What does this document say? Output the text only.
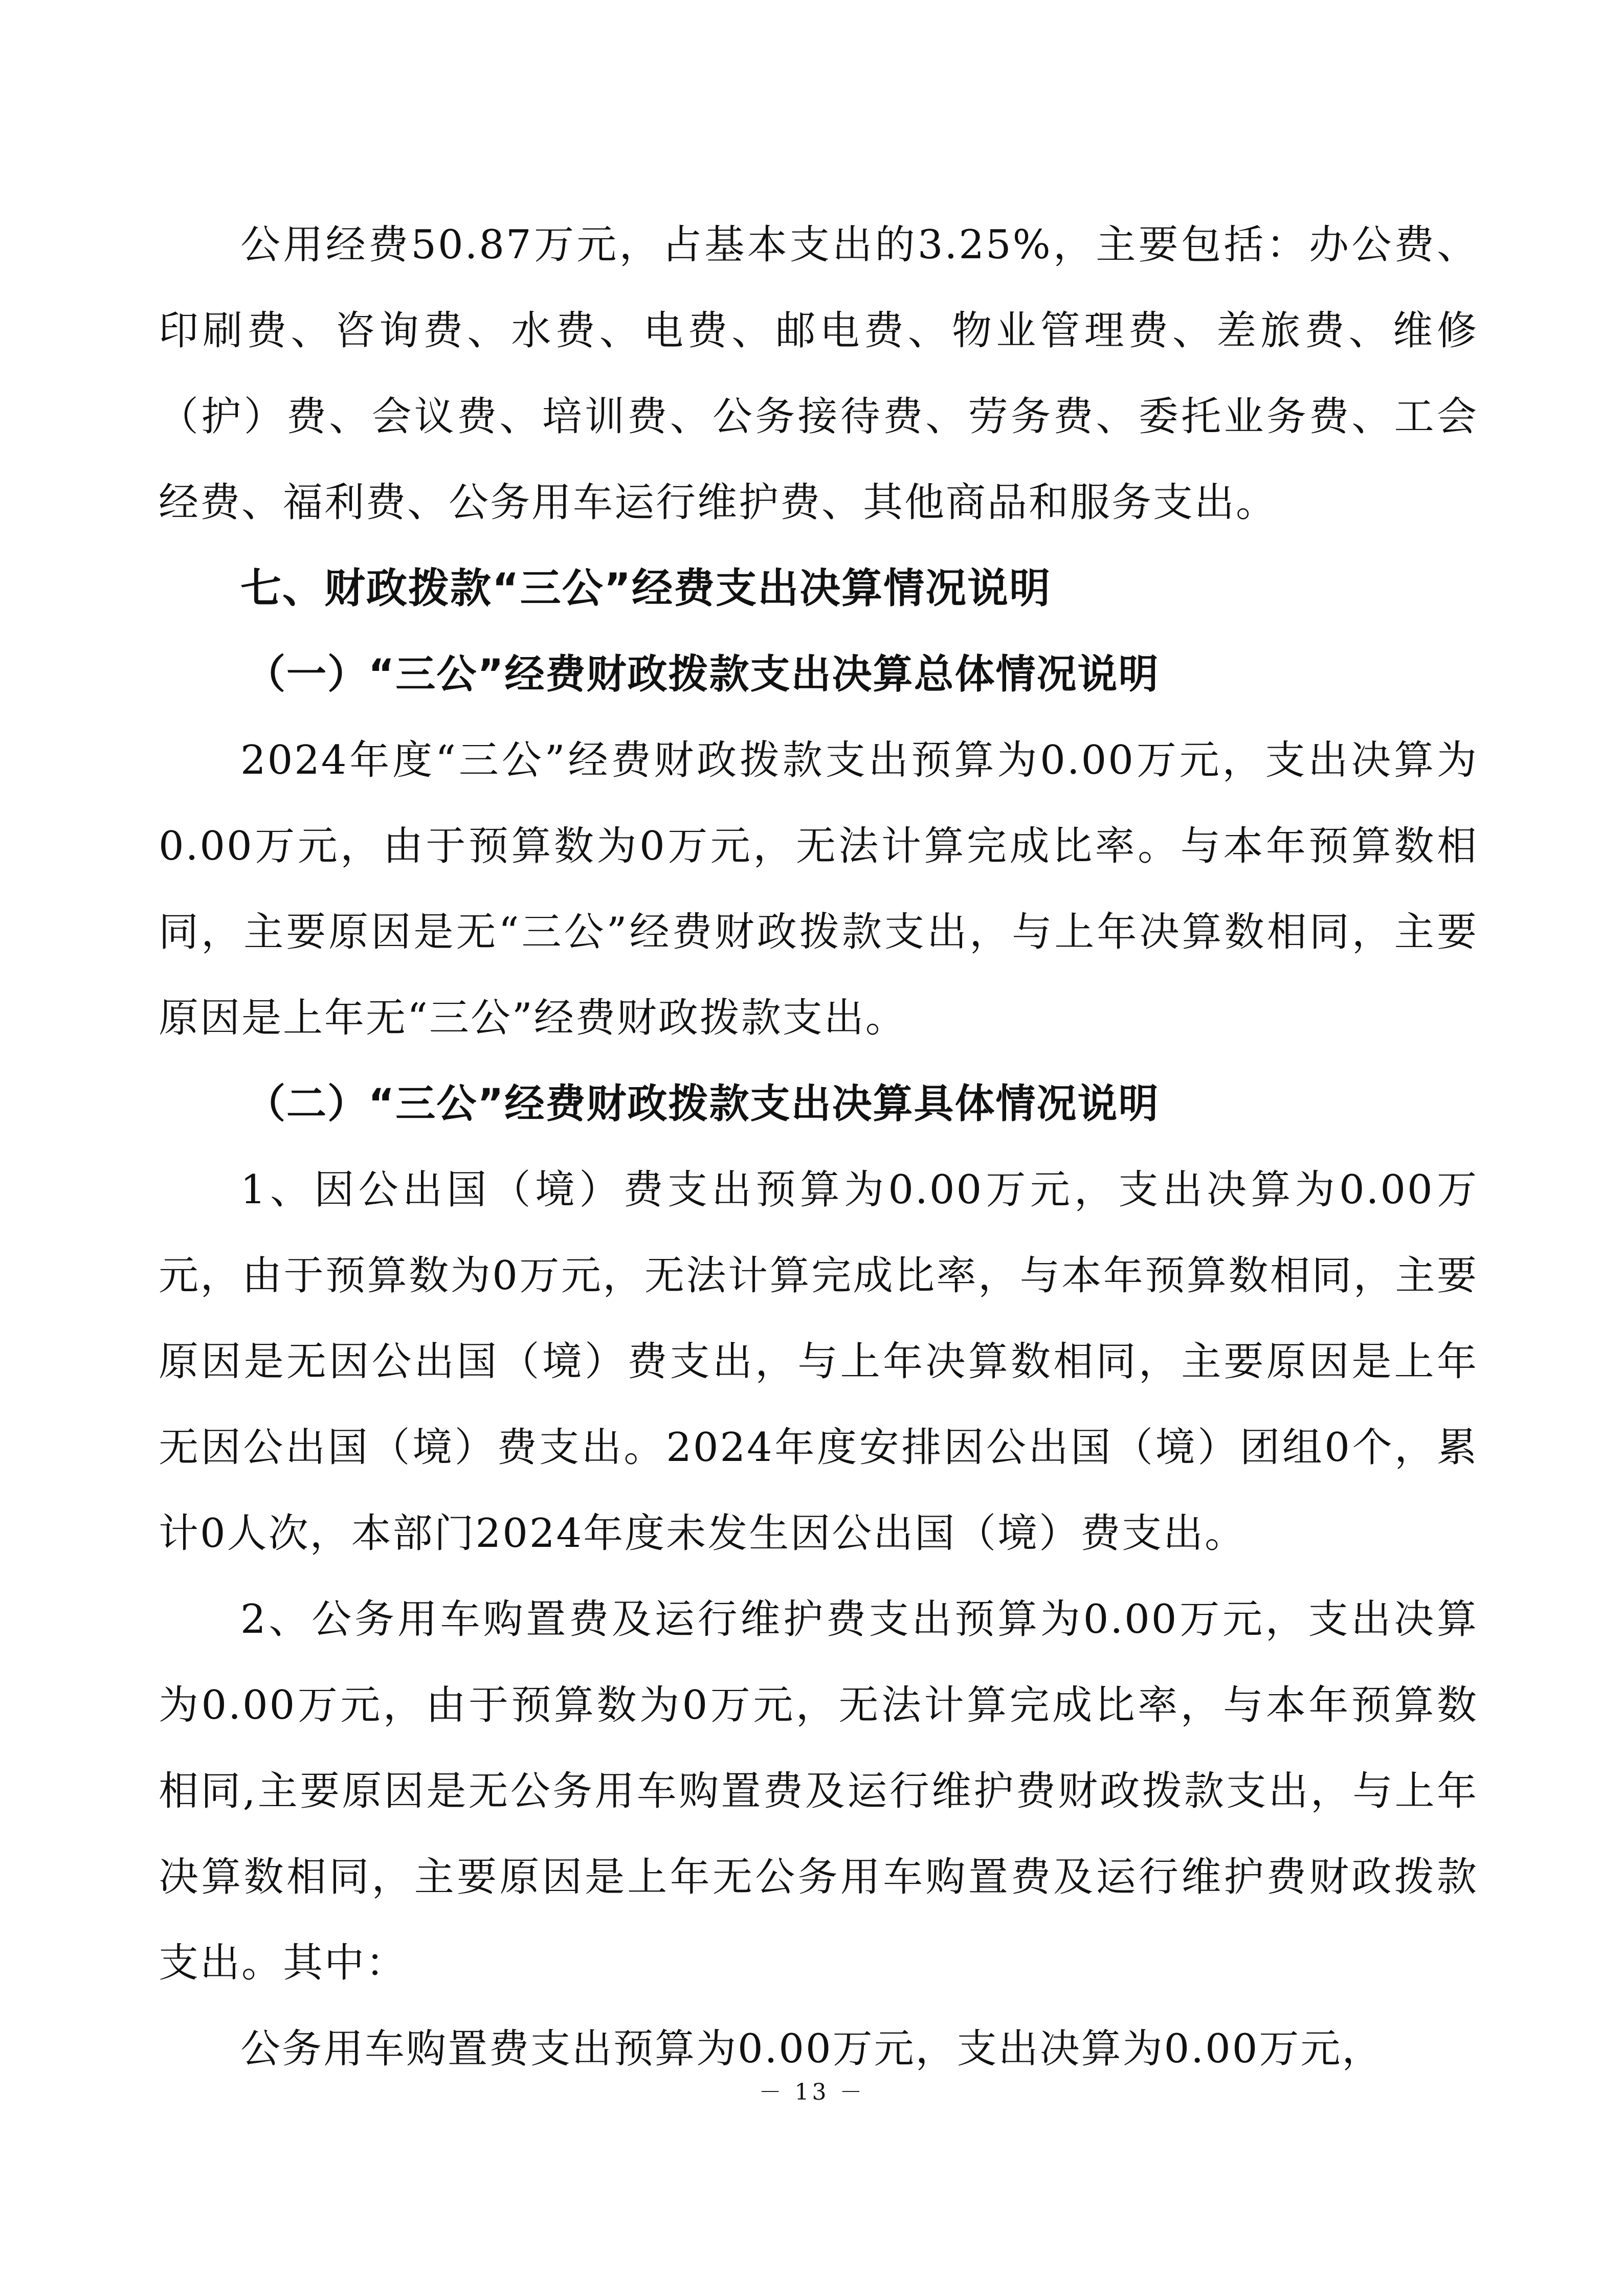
公用经费50.87万元，占基本支出的3.25%，主要包括：办公费、印刷费、咨询费、水费、电费、邮电费、物业管理费、差旅费、维修（护）费、会议费、培训费、公务接待费、劳务费、委托业务费、工会经费、福利费、公务用车运行维护费、其他商品和服务支出。

七、财政拨款“三公”经费支出决算情况说明

（一）“三公”经费财政拨款支出决算总体情况说明

2024年度“三公”经费财政拨款支出预算为0.00万元，支出决算为0.00万元，由于预算数为0万元，无法计算完成比率。与本年预算数相同，主要原因是无“三公”经费财政拨款支出，与上年决算数相同，主要原因是上年无“三公”经费财政拨款支出。

（二）“三公”经费财政拨款支出决算具体情况说明

1、因公出国（境）费支出预算为0.00万元，支出决算为0.00万元，由于预算数为0万元，无法计算完成比率，与本年预算数相同，主要原因是无因公出国（境）费支出，与上年决算数相同，主要原因是上年无因公出国（境）费支出。2024年度安排因公出国（境）团组0个，累计0人次，本部门2024年度未发生因公出国（境）费支出。

2、公务用车购置费及运行维护费支出预算为0.00万元，支出决算为0.00万元，由于预算数为0万元，无法计算完成比率，与本年预算数相同,主要原因是无公务用车购置费及运行维护费财政拨款支出，与上年决算数相同，主要原因是上年无公务用车购置费及运行维护费财政拨款支出。其中：

公务用车购置费支出预算为0.00万元，支出决算为0.00万元，

－ 13 －
